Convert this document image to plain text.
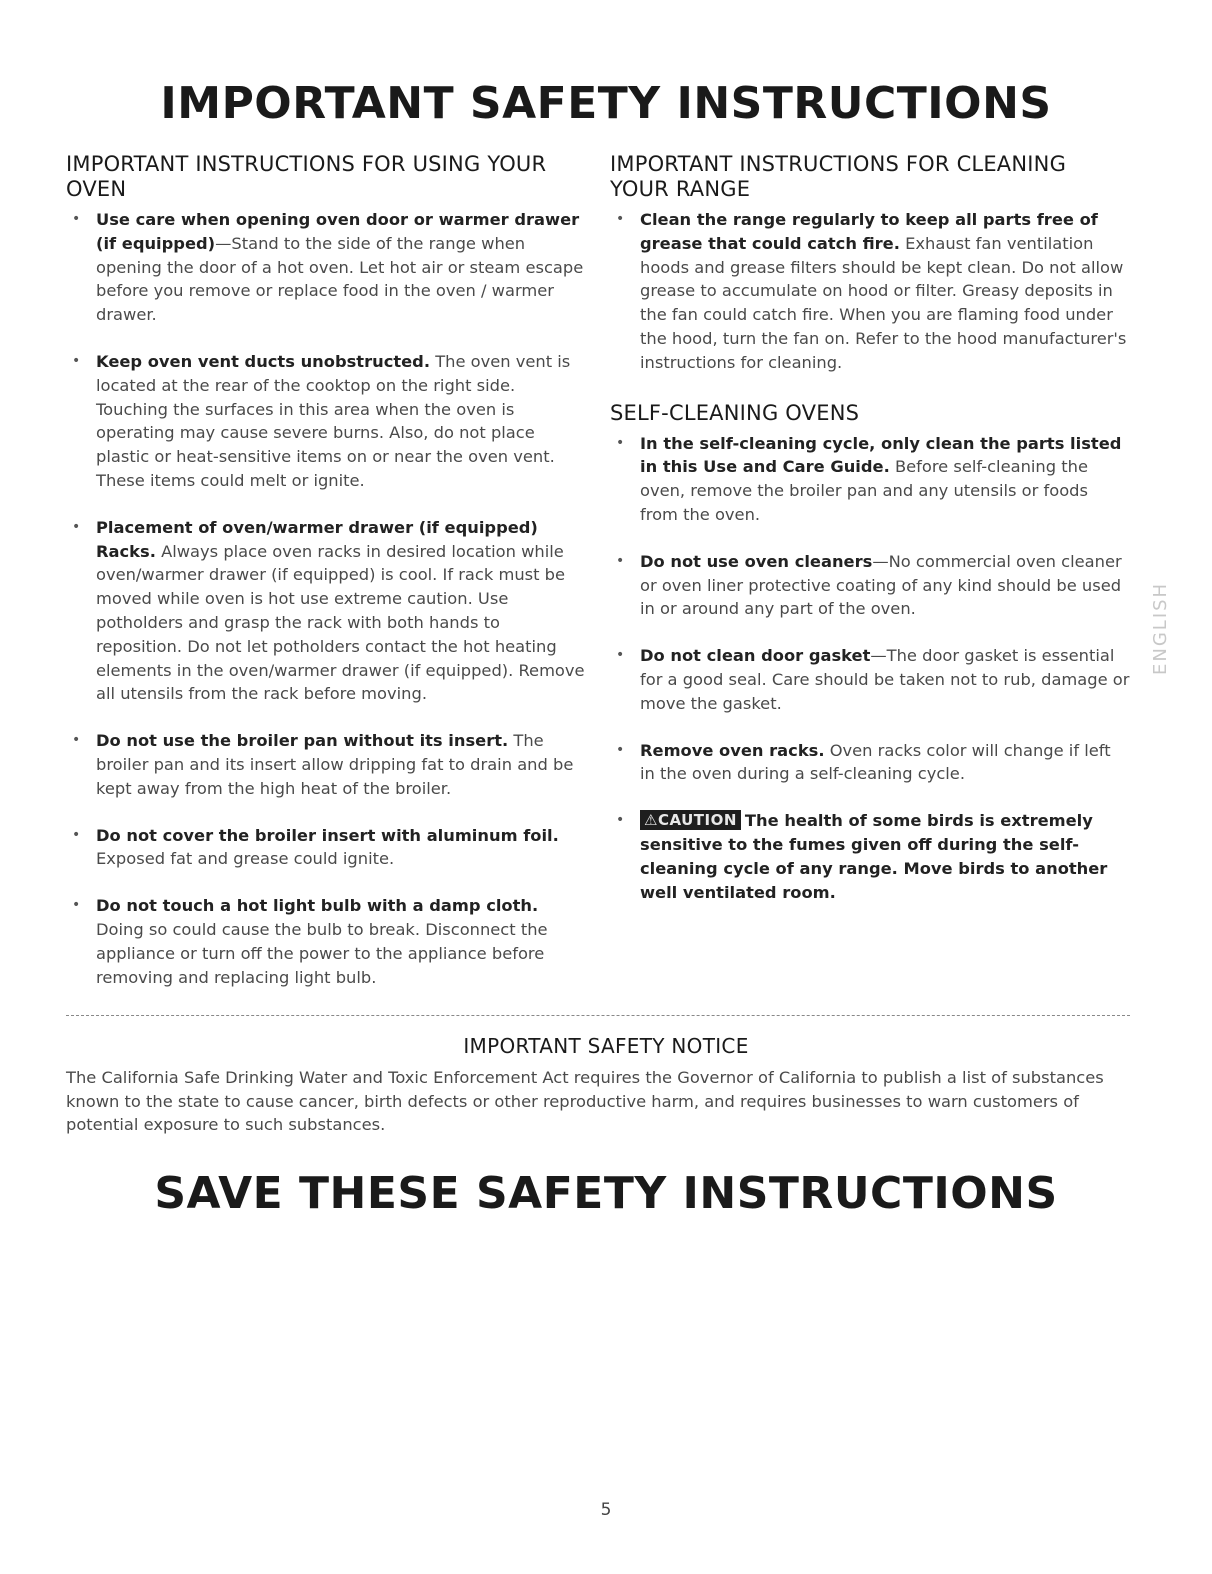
IMPORTANT SAFETY INSTRUCTIONS
IMPORTANT INSTRUCTIONS FOR USING YOUR OVEN
• Use care when opening oven door or warmer drawer (if equipped)—Stand to the side of the range when opening the door of a hot oven. Let hot air or steam escape before you remove or replace food in the oven / warmer drawer.
• Keep oven vent ducts unobstructed. The oven vent is located at the rear of the cooktop on the right side. Touching the surfaces in this area when the oven is operating may cause severe burns. Also, do not place plastic or heat-sensitive items on or near the oven vent. These items could melt or ignite.
• Placement of oven/warmer drawer (if equipped) Racks. Always place oven racks in desired location while oven/warmer drawer (if equipped) is cool. If rack must be moved while oven is hot use extreme caution. Use potholders and grasp the rack with both hands to reposition. Do not let potholders contact the hot heating elements in the oven/warmer drawer (if equipped). Remove all utensils from the rack before moving.
• Do not use the broiler pan without its insert. The broiler pan and its insert allow dripping fat to drain and be kept away from the high heat of the broiler.
• Do not cover the broiler insert with aluminum foil. Exposed fat and grease could ignite.
• Do not touch a hot light bulb with a damp cloth. Doing so could cause the bulb to break. Disconnect the appliance or turn off the power to the appliance before removing and replacing light bulb.
IMPORTANT INSTRUCTIONS FOR CLEANING YOUR RANGE
• Clean the range regularly to keep all parts free of grease that could catch fire. Exhaust fan ventilation hoods and grease filters should be kept clean. Do not allow grease to accumulate on hood or filter. Greasy deposits in the fan could catch fire. When you are flaming food under the hood, turn the fan on. Refer to the hood manufacturer's instructions for cleaning.
SELF-CLEANING OVENS
• In the self-cleaning cycle, only clean the parts listed in this Use and Care Guide. Before self-cleaning the oven, remove the broiler pan and any utensils or foods from the oven.
• Do not use oven cleaners—No commercial oven cleaner or oven liner protective coating of any kind should be used in or around any part of the oven.
• Do not clean door gasket—The door gasket is essential for a good seal. Care should be taken not to rub, damage or move the gasket.
• Remove oven racks. Oven racks color will change if left in the oven during a self-cleaning cycle.
• ⚠CAUTION The health of some birds is extremely sensitive to the fumes given off during the self-cleaning cycle of any range. Move birds to another well ventilated room.
ENGLISH
IMPORTANT SAFETY NOTICE

The California Safe Drinking Water and Toxic Enforcement Act requires the Governor of California to publish a list of substances known to the state to cause cancer, birth defects or other reproductive harm, and requires businesses to warn customers of potential exposure to such substances.

SAVE THESE SAFETY INSTRUCTIONS
5
